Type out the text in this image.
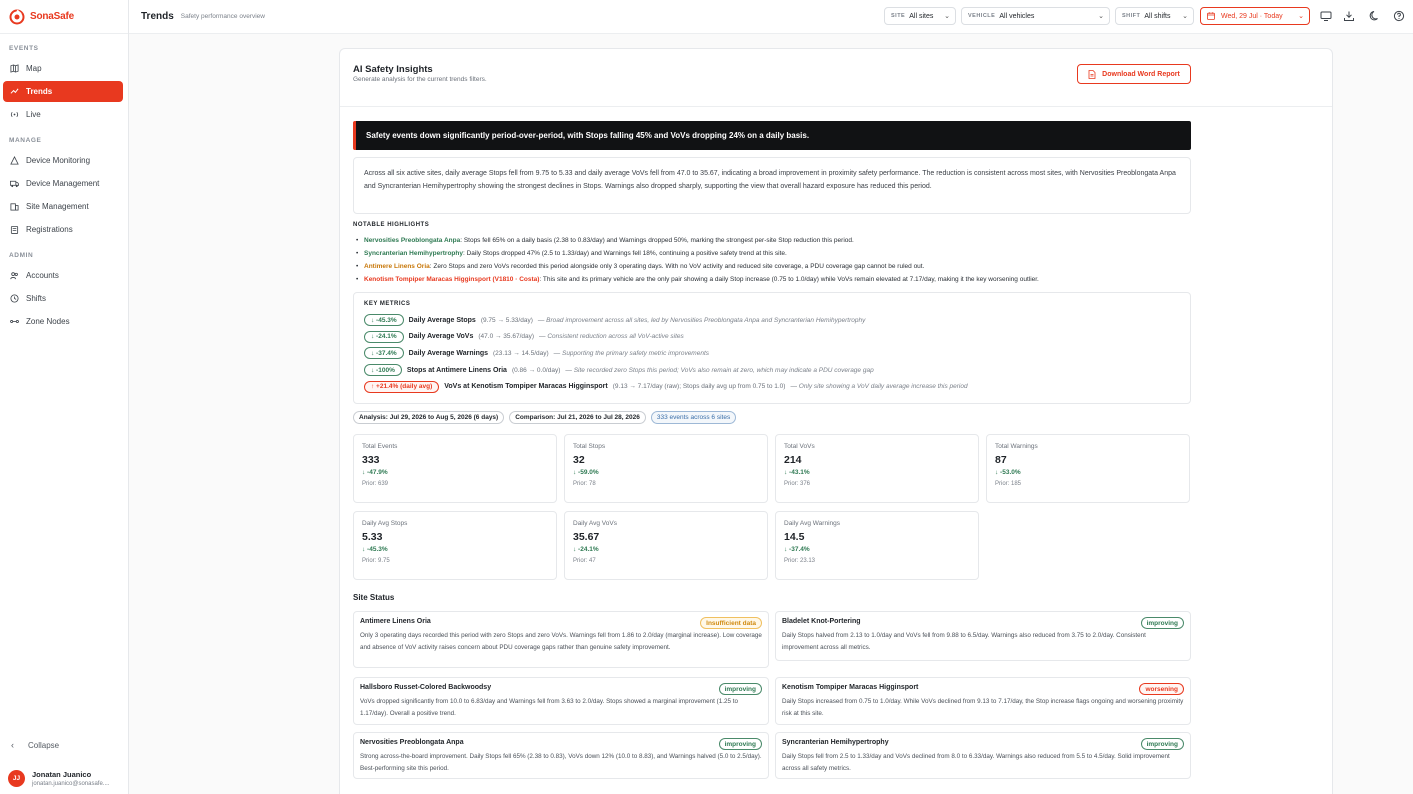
SonaSafe
EVENTS
Map
Trends
Live
MANAGE
Device Monitoring
Device Management
Site Management
Registrations
ADMIN
Accounts
Shifts
Zone Nodes
‹ Collapse
JJ	Jonatan Juanico
jonatan.juanico@sonasafe....
Trends Safety performance overview	SITE All sites ⌄	VEHICLE All vehicles	⌄	SHIFT All shifts ⌄	Wed, 29 Jul · Today ⌄
AI Safety Insights
Generate analysis for the current trends filters.
Download Word Report
Safety events down significantly period-over-period, with Stops falling 45% and VoVs dropping 24% on a daily basis.
Across all six active sites, daily average Stops fell from 9.75 to 5.33 and daily average VoVs fell from 47.0 to 35.67, indicating a broad improvement in proximity safety performance. The reduction is consistent across most sites, with Nervosities Preoblongata Anpa and Syncranterian Hemihypertrophy showing the strongest declines in Stops. Warnings also dropped sharply, supporting the view that overall hazard exposure has reduced this period.
NOTABLE HIGHLIGHTS
• Nervosities Preoblongata Anpa: Stops fell 65% on a daily basis (2.38 to 0.83/day) and Warnings dropped 50%, marking the strongest per-site Stop reduction this period.
• Syncranterian Hemihypertrophy: Daily Stops dropped 47% (2.5 to 1.33/day) and Warnings fell 18%, continuing a positive safety trend at this site.
• Antimere Linens Oria: Zero Stops and zero VoVs recorded this period alongside only 3 operating days. With no VoV activity and reduced site coverage, a PDU coverage gap cannot be ruled out.
• Kenotism Tompiper Maracas Higginsport (V1810 · Costa): This site and its primary vehicle are the only pair showing a daily Stop increase (0.75 to 1.0/day) while VoVs remain elevated at 7.17/day, making it the key worsening outlier.
KEY METRICS
↓ -45.3%	Daily Average Stops (9.75 → 5.33/day) — Broad improvement across all sites, led by Nervosities Preoblongata Anpa and Syncranterian Hemihypertrophy
↓ -24.1%	Daily Average VoVs (47.0 → 35.67/day) — Consistent reduction across all VoV-active sites
↓ -37.4%	Daily Average Warnings (23.13 → 14.5/day) — Supporting the primary safety metric improvements
↓ -100%	Stops at Antimere Linens Oria (0.86 → 0.0/day) — Site recorded zero Stops this period; VoVs also remain at zero, which may indicate a PDU coverage gap
↑ +21.4% (daily avg)	VoVs at Kenotism Tompiper Maracas Higginsport (9.13 → 7.17/day (raw); Stops daily avg up from 0.75 to 1.0) — Only site showing a VoV daily average increase this period
Analysis: Jul 29, 2026 to Aug 5, 2026 (6 days)	Comparison: Jul 21, 2026 to Jul 28, 2026	333 events across 6 sites
Total Events
333
↓ -47.9%
Prior: 639
Total Stops
32
↓ -59.0%
Prior: 78
Total VoVs
214
↓ -43.1%
Prior: 376
Total Warnings
87
↓ -53.0%
Prior: 185
Daily Avg Stops
5.33
↓ -45.3%
Prior: 9.75
Daily Avg VoVs
35.67
↓ -24.1%
Prior: 47
Daily Avg Warnings
14.5
↓ -37.4%
Prior: 23.13
Site Status
Antimere Linens Oria	Insufficient data
Only 3 operating days recorded this period with zero Stops and zero VoVs. Warnings fell from 1.86 to 2.0/day (marginal increase). Low coverage and absence of VoV activity raises concern about PDU coverage gaps rather than genuine safety improvement.
Bladelet Knot-Portering	improving
Daily Stops halved from 2.13 to 1.0/day and VoVs fell from 9.88 to 6.5/day. Warnings also reduced from 3.75 to 2.0/day. Consistent improvement across all metrics.
Hallsboro Russet-Colored Backwoodsy	improving
VoVs dropped significantly from 10.0 to 6.83/day and Warnings fell from 3.63 to 2.0/day. Stops showed a marginal improvement (1.25 to 1.17/day). Overall a positive trend.
Kenotism Tompiper Maracas Higginsport	worsening
Daily Stops increased from 0.75 to 1.0/day. While VoVs declined from 9.13 to 7.17/day, the Stop increase flags ongoing and worsening proximity risk at this site.
Nervosities Preoblongata Anpa	improving
Strong across-the-board improvement. Daily Stops fell 65% (2.38 to 0.83), VoVs down 12% (10.0 to 8.83), and Warnings halved (5.0 to 2.5/day). Best-performing site this period.
Syncranterian Hemihypertrophy	improving
Daily Stops fell from 2.5 to 1.33/day and VoVs declined from 8.0 to 6.33/day. Warnings also reduced from 5.5 to 4.5/day. Solid improvement across all safety metrics.
